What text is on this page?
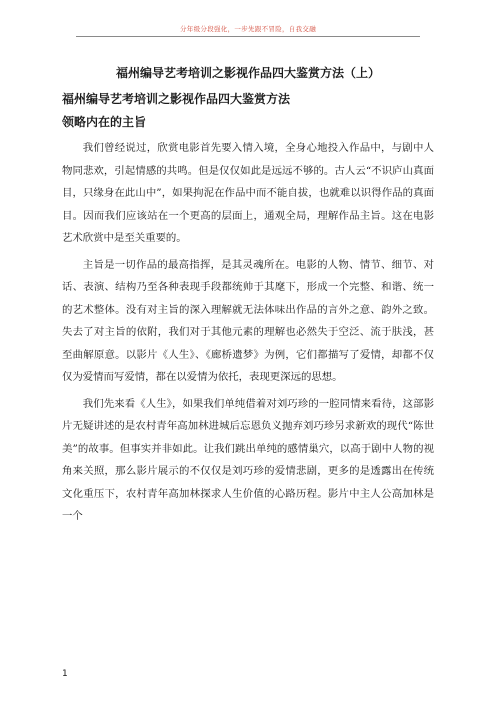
分年级分段强化，一步先跟不冒险，自我交融
福州编导艺考培训之影视作品四大鉴赏方法（上）
福州编导艺考培训之影视作品四大鉴赏方法
领略内在的主旨

我们曾经说过，欣赏电影首先要入情入境，全身心地投入作品中，与剧中人物同悲欢，引起情感的共鸣。但是仅仅如此是远远不够的。古人云“不识庐山真面目，只缘身在此山中”，如果拘泥在作品中而不能自拔，也就难以识得作品的真面目。因而我们应该站在一个更高的层面上，通观全局，理解作品主旨。这在电影艺术欣赏中是至关重要的。

主旨是一切作品的最高指挥，是其灵魂所在。电影的人物、情节、细节、对话、表演、结构乃至各种表现手段都统帅于其麾下，形成一个完整、和谐、统一的艺术整体。没有对主旨的深入理解就无法体味出作品的言外之意、韵外之致。失去了对主旨的依附，我们对于其他元素的理解也必然失于空泛、流于肤浅，甚至曲解原意。以影片《人生》、《廊桥遗梦》为例，它们都描写了爱情，却都不仅仅为爱情而写爱情，都在以爱情为依托，表现更深远的思想。

我们先来看《人生》，如果我们单纯借着对刘巧珍的一腔同情来看待，这部影片无疑讲述的是农村青年高加林进城后忘恩负义抛弃刘巧珍另求新欢的现代“陈世美”的故事。但事实并非如此。让我们跳出单纯的感情巢穴，以高于剧中人物的视角来关照，那么影片展示的不仅仅是刘巧珍的爱情悲剧，更多的是透露出在传统文化重压下，农村青年高加林探求人生价值的心路历程。影片中主人公高加林是一个

1
